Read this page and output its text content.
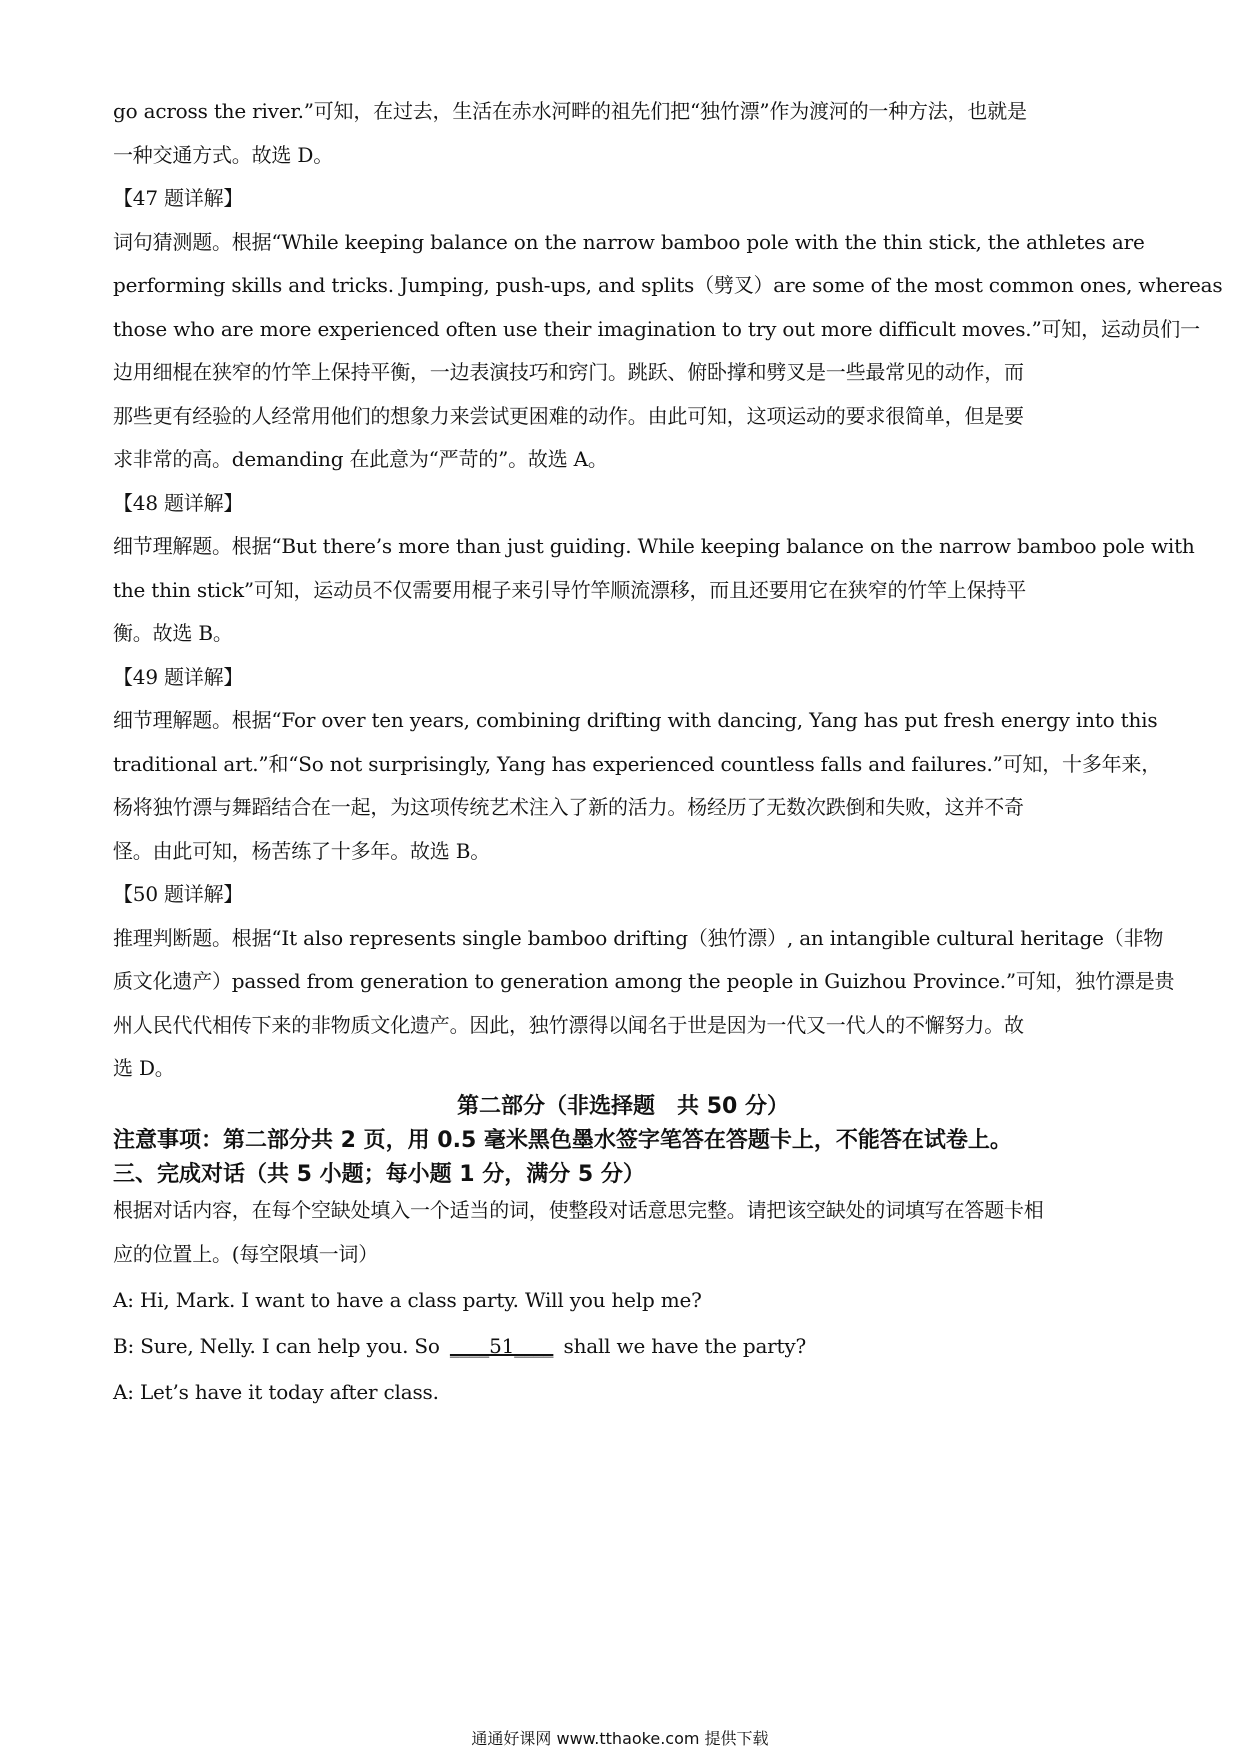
go across the river.”可知，在过去，生活在赤水河畔的祖先们把“独竹漂”作为渡河的一种方法，也就是

一种交通方式。故选 D。

【47 题详解】

词句猜测题。根据“While keeping balance on the narrow bamboo pole with the thin stick, the athletes are

performing skills and tricks. Jumping, push-ups, and splits（劈叉）are some of the most common ones, whereas

those who are more experienced often use their imagination to try out more difficult moves.”可知，运动员们一

边用细棍在狭窄的竹竿上保持平衡，一边表演技巧和窍门。跳跃、俯卧撑和劈叉是一些最常见的动作，而

那些更有经验的人经常用他们的想象力来尝试更困难的动作。由此可知，这项运动的要求很简单，但是要

求非常的高。demanding 在此意为“严苛的”。故选 A。

【48 题详解】

细节理解题。根据“But there’s more than just guiding. While keeping balance on the narrow bamboo pole with

the thin stick”可知，运动员不仅需要用棍子来引导竹竿顺流漂移，而且还要用它在狭窄的竹竿上保持平

衡。故选 B。

【49 题详解】

细节理解题。根据“For over ten years, combining drifting with dancing, Yang has put fresh energy into this

traditional art.”和“So not surprisingly, Yang has experienced countless falls and failures.”可知，十多年来，

杨将独竹漂与舞蹈结合在一起，为这项传统艺术注入了新的活力。杨经历了无数次跌倒和失败，这并不奇

怪。由此可知，杨苦练了十多年。故选 B。

【50 题详解】

推理判断题。根据“It also represents single bamboo drifting（独竹漂）, an intangible cultural heritage（非物

质文化遗产）passed from generation to generation among the people in Guizhou Province.”可知，独竹漂是贵

州人民代代相传下来的非物质文化遗产。因此，独竹漂得以闻名于世是因为一代又一代人的不懈努力。故

选 D。

第二部分（非选择题　共 50 分）
注意事项：第二部分共 2 页，用 0.5 毫米黑色墨水签字笔答在答题卡上，不能答在试卷上。
三、完成对话（共 5 小题；每小题 1 分，满分 5 分）

根据对话内容，在每个空缺处填入一个适当的词，使整段对话意思完整。请把该空缺处的词填写在答题卡相

应的位置上。(每空限填一词）

A: Hi, Mark. I want to have a class party. Will you help me?

B: Sure, Nelly. I can help you. So ____51____ shall we have the party?

A: Let’s have it today after class.

通通好课网 www.tthaoke.com 提供下载
